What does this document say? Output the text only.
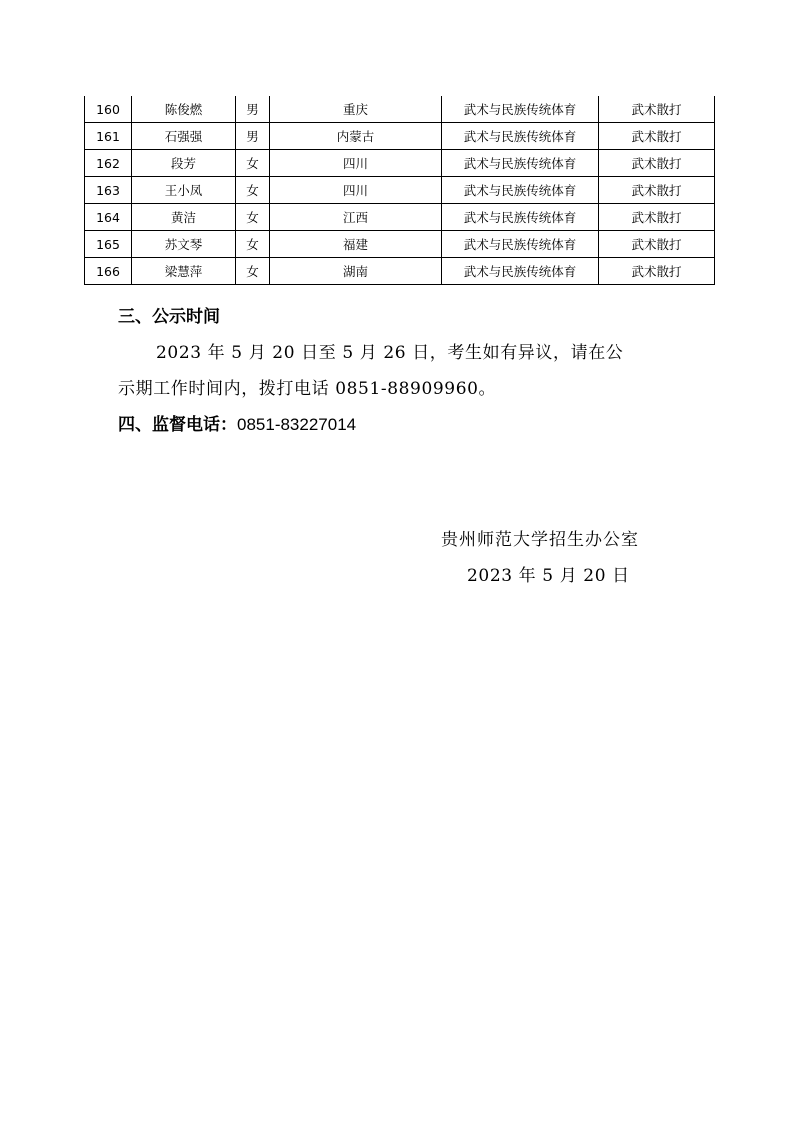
160	陈俊燃	男	重庆	武术与民族传统体育	武术散打
161	石强强	男	内蒙古	武术与民族传统体育	武术散打
162	段芳	女	四川	武术与民族传统体育	武术散打
163	王小凤	女	四川	武术与民族传统体育	武术散打
164	黄洁	女	江西	武术与民族传统体育	武术散打
165	苏文琴	女	福建	武术与民族传统体育	武术散打
166	梁慧萍	女	湖南	武术与民族传统体育	武术散打
三、公示时间
2023 年 5 月 20 日至 5 月 26 日，考生如有异议，请在公
示期工作时间内，拨打电话 0851-88909960。
四、监督电话：0851-83227014
贵州师范大学招生办公室
2023 年 5 月 20 日
